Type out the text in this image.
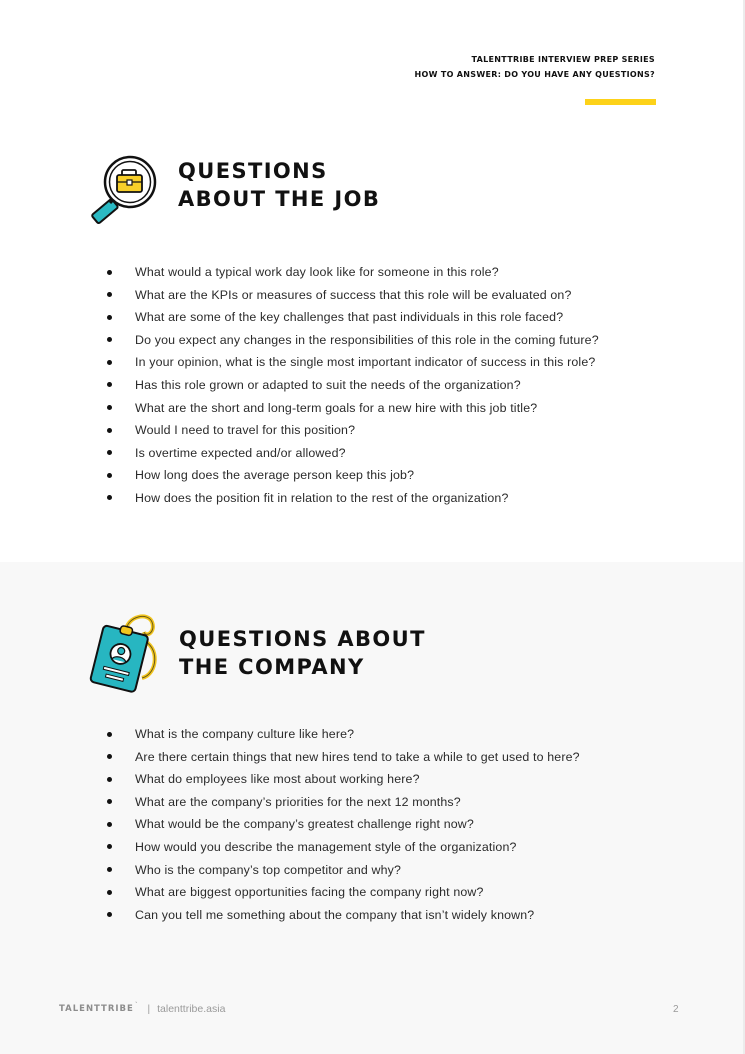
TALENTTRIBE INTERVIEW PREP SERIES
HOW TO ANSWER: DO YOU HAVE ANY QUESTIONS?
QUESTIONS
ABOUT THE JOB
What would a typical work day look like for someone in this role?
What are the KPIs or measures of success that this role will be evaluated on?
What are some of the key challenges that past individuals in this role faced?
Do you expect any changes in the responsibilities of this role in the coming future?
In your opinion, what is the single most important indicator of success in this role?
Has this role grown or adapted to suit the needs of the organization?
What are the short and long-term goals for a new hire with this job title?
Would I need to travel for this position?
Is overtime expected and/or allowed?
How long does the average person keep this job?
How does the position fit in relation to the rest of the organization?
QUESTIONS ABOUT
THE COMPANY
What is the company culture like here?
Are there certain things that new hires tend to take a while to get used to here?
What do employees like most about working here?
What are the company’s priorities for the next 12 months?
What would be the company’s greatest challenge right now?
How would you describe the management style of the organization?
Who is the company’s top competitor and why?
What are biggest opportunities facing the company right now?
Can you tell me something about the company that isn’t widely known?
TALENTTRIBE ˋ | talenttribe.asia	2
